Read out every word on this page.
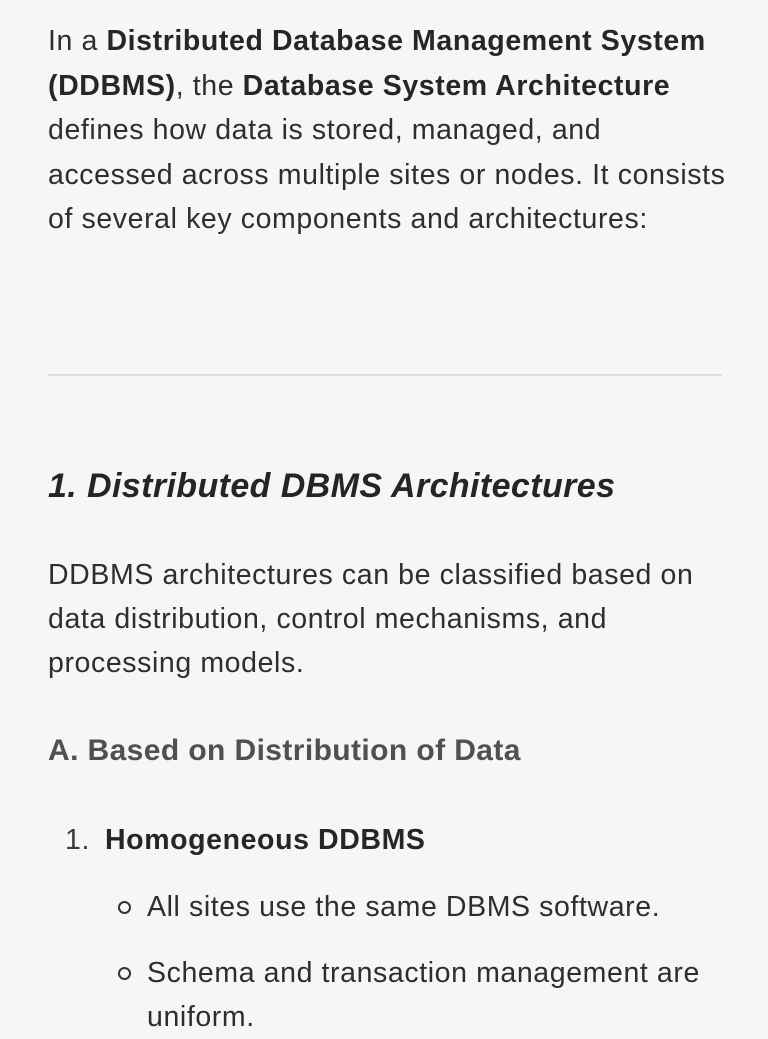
In a Distributed Database Management System (DDBMS), the Database System Architecture defines how data is stored, managed, and accessed across multiple sites or nodes. It consists of several key components and architectures:

1. Distributed DBMS Architectures

DDBMS architectures can be classified based on data distribution, control mechanisms, and processing models.

A. Based on Distribution of Data
1. Homogeneous DDBMS
All sites use the same DBMS software.
Schema and transaction management are uniform.
